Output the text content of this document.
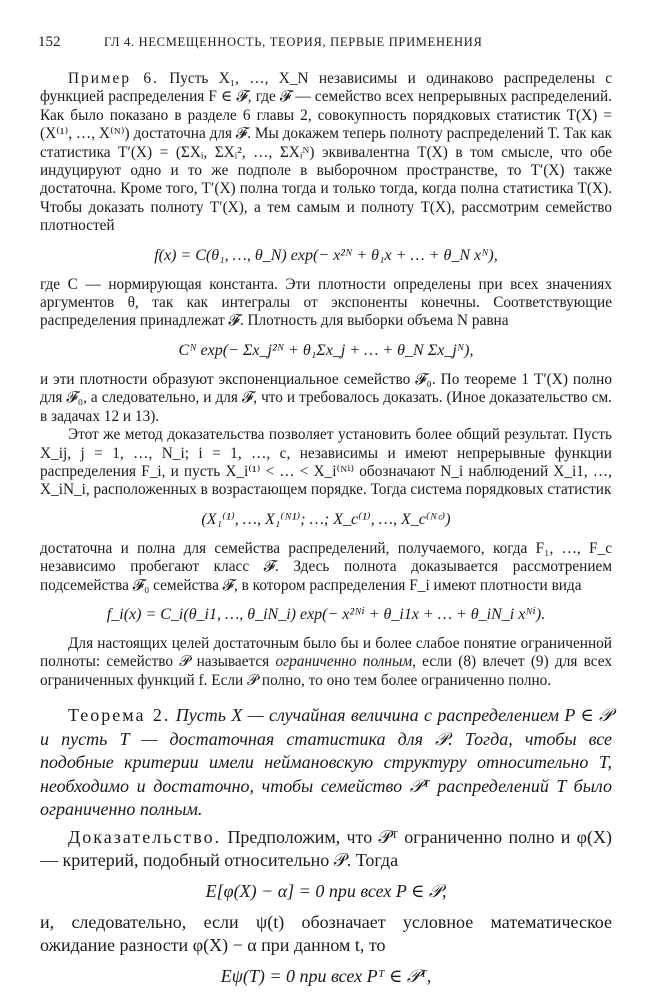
152	ГЛ 4. НЕСМЕЩЕННОСТЬ, ТЕОРИЯ, ПЕРВЫЕ ПРИМЕНЕНИЯ

Пример 6. Пусть X₁, …, X_N независимы и одинаково распределены с функцией распределения F ∈ 𝓕, где 𝓕 — семейство всех непрерывных распределений. Как было показано в разделе 6 главы 2, совокупность порядковых статистик T(X) = (X⁽¹⁾, …, X⁽ᴺ⁾) достаточна для 𝓕. Мы докажем теперь полноту распределений T. Так как статистика T′(X) = (ΣXᵢ, ΣXᵢ², …, ΣXᵢᴺ) эквивалентна T(X) в том смысле, что обе индуцируют одно и то же подполе в выборочном пространстве, то T′(X) также достаточна. Кроме того, T′(X) полна тогда и только тогда, когда полна статистика T(X). Чтобы доказать полноту T′(X), а тем самым и полноту T(X), рассмотрим семейство плотностей

f(x) = C(θ₁, …, θ_N) exp(− x²ᴺ + θ₁x + … + θ_N xᴺ),

где C — нормирующая константа. Эти плотности определены при всех значениях аргументов θ, так как интегралы от экспоненты конечны. Соответствующие распределения принадлежат 𝓕. Плотность для выборки объема N равна

Cᴺ exp(− Σx_j²ᴺ + θ₁Σx_j + … + θ_N Σx_jᴺ),

и эти плотности образуют экспоненциальное семейство 𝓕₀. По теореме 1 T′(X) полно для 𝓕₀, а следовательно, и для 𝓕, что и требовалось доказать. (Иное доказательство см. в задачах 12 и 13).

Этот же метод доказательства позволяет установить более общий результат. Пусть X_ij, j = 1, …, N_i; i = 1, …, c, независимы и имеют непрерывные функции распределения F_i, и пусть X_i⁽¹⁾ < … < X_i⁽ᴺⁱ⁾ обозначают N_i наблюдений X_i1, …, X_iN_i, расположенных в возрастающем порядке. Тогда система порядковых статистик

(X₁⁽¹⁾, …, X₁⁽ᴺ¹⁾; …; X_c⁽¹⁾, …, X_c⁽ᴺᶜ⁾)

достаточна и полна для семейства распределений, получаемого, когда F₁, …, F_c независимо пробегают класс 𝓕. Здесь полнота доказывается рассмотрением подсемейства 𝓕₀ семейства 𝓕, в котором распределения F_i имеют плотности вида

f_i(x) = C_i(θ_i1, …, θ_iN_i) exp(− x²ᴺⁱ + θ_i1x + … + θ_iN_i xᴺⁱ).

Для настоящих целей достаточным было бы и более слабое понятие ограниченной полноты: семейство 𝒫 называется ограниченно полным, если (8) влечет (9) для всех ограниченных функций f. Если 𝒫 полно, то оно тем более ограниченно полно.

Теорема 2. Пусть X — случайная величина с распределением P ∈ 𝒫 и пусть T — достаточная статистика для 𝒫. Тогда, чтобы все подобные критерии имели неймановскую структуру относительно T, необходимо и достаточно, чтобы семейство 𝒫ᵀ распределений T было ограниченно полным.

Доказательство. Предположим, что 𝒫ᵀ ограниченно полно и φ(X) — критерий, подобный относительно 𝒫. Тогда

E[φ(X) − α] = 0 при всех P ∈ 𝒫,

и, следовательно, если ψ(t) обозначает условное математическое ожидание разности φ(X) − α при данном t, то

Eψ(T) = 0 при всех Pᵀ ∈ 𝒫ᵀ,
